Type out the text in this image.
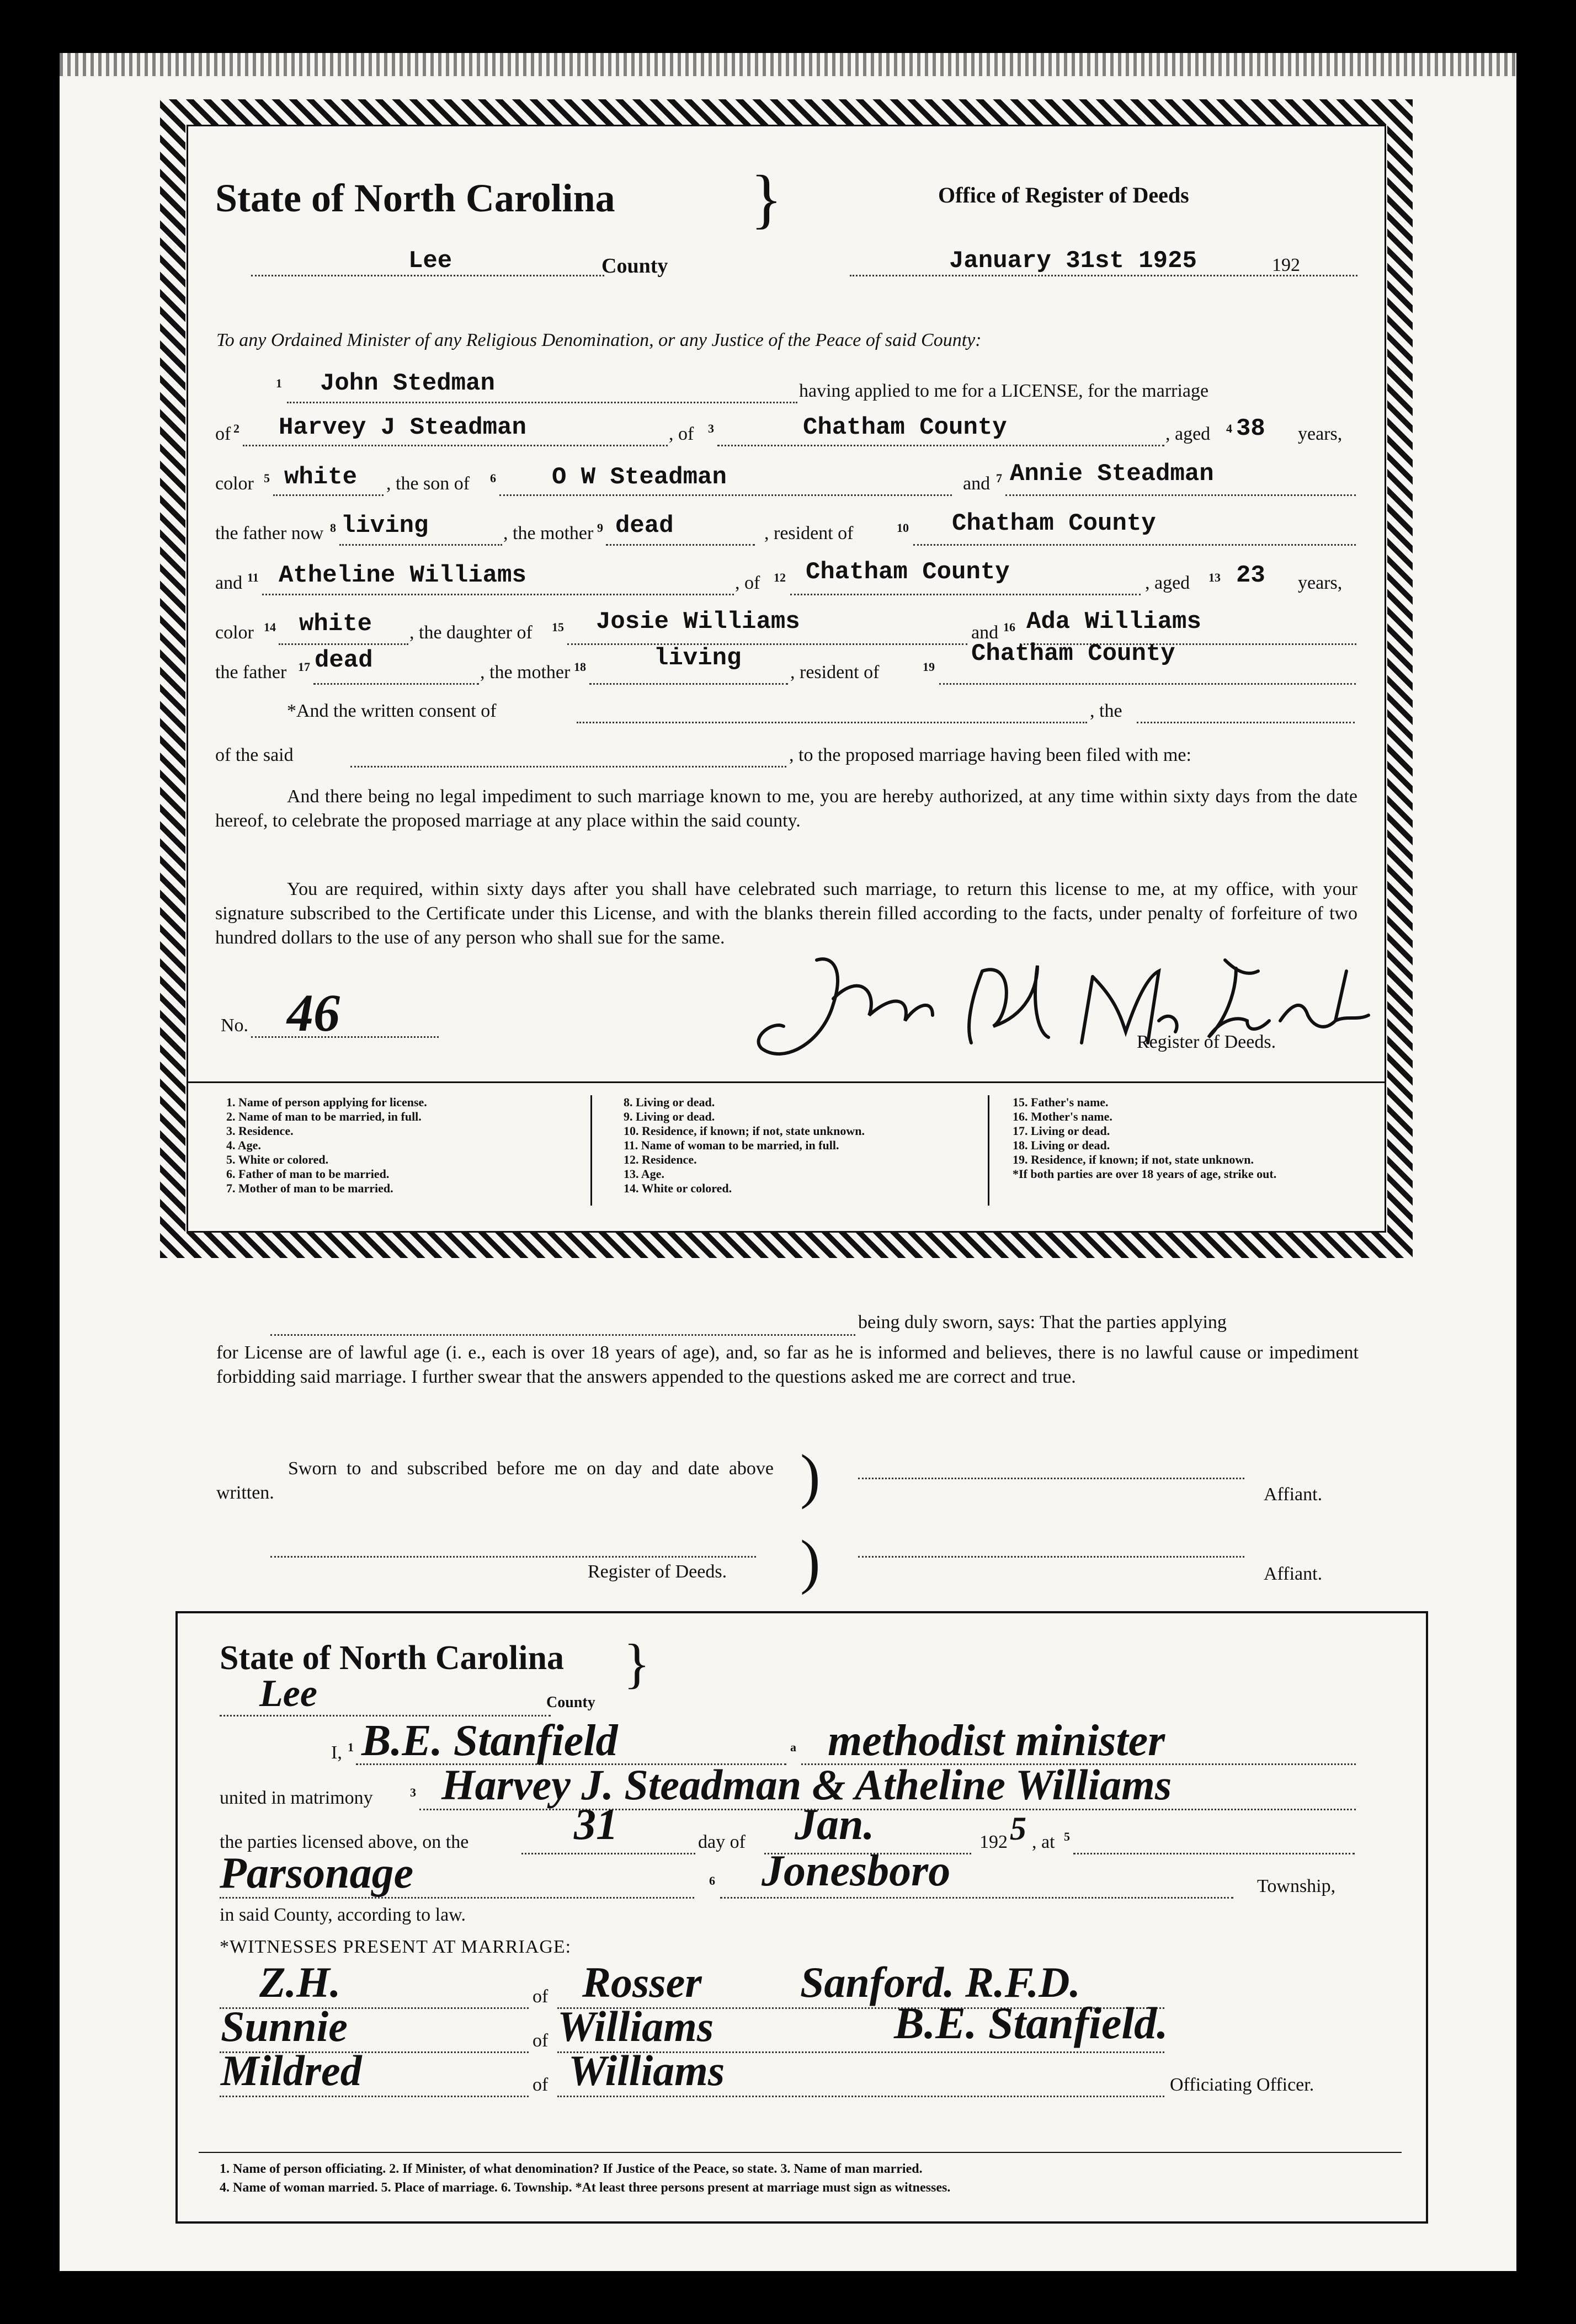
State of North Carolina }	Office of Register of Deeds
Lee	County	January 31st 1925	192
To any Ordained Minister of any Religious Denomination, or any Justice of the Peace of said County:
1 John Stedman	having applied to me for a LICENSE, for the marriage
of 2 Harvey J Steadman	, of 3	Chatham County	, aged 4 38 years,
color 5 white , the son of 6 O W Steadman	and 7 Annie Steadman
the father now 8 living	, the mother 9 dead	, resident of	10 Chatham County
and 11 Atheline Williams	, of 12 Chatham County	, aged 13 23 years,
color 14 white , the daughter of 15 Josie Williams	and 16 Ada Williams
the father 17 dead	, the mother 18	living
, resident of	19 Chatham County
*And the written consent of	, the
of the said	, to the proposed marriage having been filed with me:
And there being no legal impediment to such marriage known to me, you are hereby authorized, at any time within sixty days from the date hereof, to celebrate the proposed marriage at any place within the said county.
You are required, within sixty days after you shall have celebrated such marriage, to return this license to me, at my office, with your signature subscribed to the Certificate under this License, and with the blanks therein filled according to the facts, under penalty of forfeiture of two hundred dollars to the use of any person who shall sue for the same.
No. 46	Register of Deeds.
1. Name of person applying for license.
2. Name of man to be married, in full.
3. Residence.
4. Age.
5. White or colored.
6. Father of man to be married.
7. Mother of man to be married.
8. Living or dead.
9. Living or dead.
10. Residence, if known; if not, state unknown.
11. Name of woman to be married, in full.
12. Residence.
13. Age.
14. White or colored.
15. Father's name.
16. Mother's name.
17. Living or dead.
18. Living or dead.
19. Residence, if known; if not, state unknown.
*If both parties are over 18 years of age, strike out.
being duly sworn, says: That the parties applying
for License are of lawful age (i. e., each is over 18 years of age), and, so far as he is informed and believes, there is no lawful cause or impediment forbidding said marriage. I further swear that the answers appended to the questions asked me are correct and true.
Sworn to and subscribed before me on day and date above written.	)	Affiant.
Register of Deeds. )	Affiant.
State of North Carolina }
Lee	County
I, 1 B.E. Stanfield	a methodist minister
united in matrimony	3 Harvey J. Steadman & Atheline Williams
the parties licensed above, on the 31	day of Jan.	192 5 , at 5
Parsonage	6 Jonesboro	Township,
in said County, according to law.
*WITNESSES PRESENT AT MARRIAGE:
Z.H.	of Rosser Sanford. R.F.D.
Sunnie	of Williams	B.E. Stanfield.
Mildred	of Williams	Officiating Officer.
1. Name of person officiating. 2. If Minister, of what denomination? If Justice of the Peace, so state. 3. Name of man married.
4. Name of woman married. 5. Place of marriage. 6. Township. *At least three persons present at marriage must sign as witnesses.
